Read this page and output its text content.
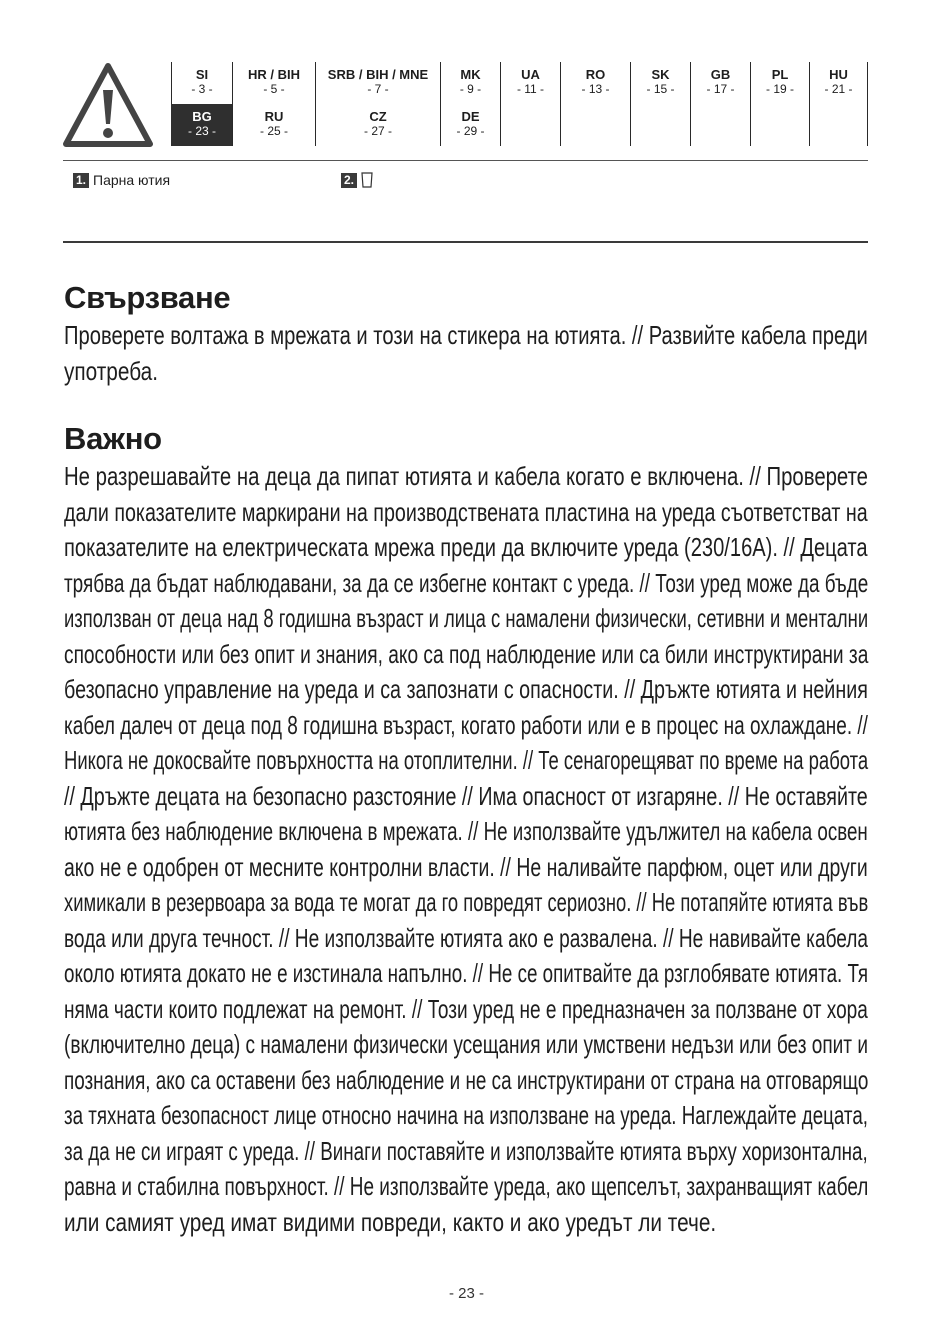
SI
- 3 -
HR / BIH
- 5 -
SRB / BIH / MNE
- 7 -
MK
- 9 -
UA
- 11 -
RO
- 13 -
SK
- 15 -
GB
- 17 -
PL
- 19 -
HU
- 21 -
BG
- 23 -
RU
- 25 -
CZ
- 27 -
DE
- 29 -
1. Парна ютия	2.
Свързване
Проверете волтажа в мрежата и този на стикера на ютията. // Развийте кабела преди
употреба.
Важно
Не разрешавайте на деца да пипат ютията и кабела когато е включена. // Проверете
дали показателите маркирани на производствената пластина на уреда съответстват на
показателите на електрическата мрежа преди да включите уреда (230/16A). // Децата
трябва да бъдат наблюдавани, за да се избегне контакт с уреда. // Този уред може да бъде
използван от деца над 8 годишна възраст и лица с намалени физически, сетивни и ментални
способности или без опит и знания, ако са под наблюдение или са били инструктирани за
безопасно управление на уреда и са запознати с опасности. // Дръжте ютията и нейния
кабел далеч от деца под 8 годишна възраст, когато работи или е в процес на охлаждане. //
Никога не докосвайте повърхността на отоплителни. // Те сенагорещяват по време на работа
// Дръжте децата на безопасно разстояние // Има опасност от изгаряне. // Не оставяйте
ютията без наблюдение включена в мрежата. // Не използвайте удължител на кабела освен
ако не е одобрен от месните контролни власти. // Не наливайте парфюм, оцет или други
химикали в резервоара за вода те могат да го повредят сериозно. // Не потапяйте ютията във
вода или друга течност. // Не използвайте ютията ако е развалена. // Не навивайте кабела
около ютията докато не е изстинала напълно. // Не се опитвайте да рзглобявате ютията. Тя
няма части които подлежат на ремонт. // Този уред не е предназначен за ползване от хора
(включително деца) с намалени физически усещания или умствени недъзи или без опит и
познания, ако са оставени без наблюдение и не са инструктирани от страна на отговарящо
за тяхната безопасност лице относно начина на използване на уреда. Наглеждайте децата,
за да не си играят с уреда. // Винаги поставяйте и използвайте ютията върху хоризонтална,
равна и стабилна повърхност. // Не използвайте уреда, ако щепселът, захранващият кабел
или самият уред имат видими повреди, както и ако уредът ли тече.
- 23 -
